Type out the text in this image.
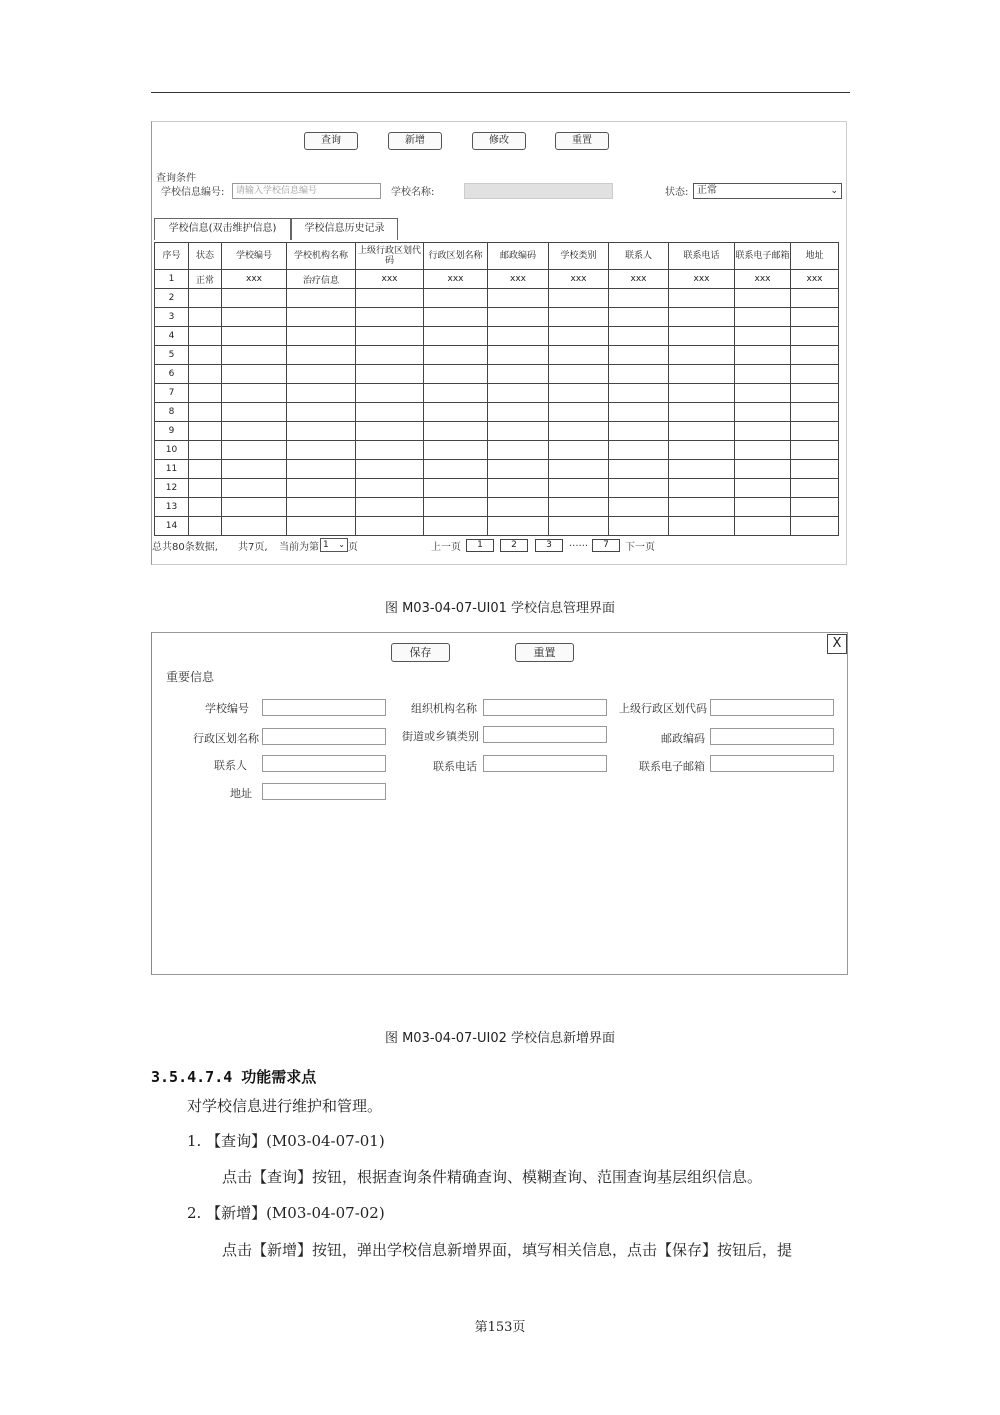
查询	新增	修改	重置
查询条件
学校信息编号:	请输入学校信息编号	学校名称:	状态: 正常	⌄
学校信息(双击维护信息)	学校信息历史记录
序号	状态	学校编号	学校机构名称	上级行政区划代码	行政区划名称	邮政编码	学校类别	联系人	联系电话	联系电子邮箱	地址
1	正常	xxx	治疗信息	xxx	xxx	xxx	xxx	xxx	xxx	xxx	xxx
2											
3											
4											
5											
6											
7											
8											
9											
10											
11											
12											
13											
14											
总共80条数据, 共7页, 当前为第 1 ⌄ 页	上一页	1	2	3	......	7	下一页
图 M03-04-07-UI01 学校信息管理界面
X
保存	重置
重要信息
学校编号	组织机构名称	上级行政区划代码
行政区划名称	街道或乡镇类别	邮政编码
联系人	联系电话	联系电子邮箱
地址
图 M03-04-07-UI02 学校信息新增界面
3.5.4.7.4 功能需求点
对学校信息进行维护和管理。
1. 【查询】(M03-04-07-01)
点击【查询】按钮，根据查询条件精确查询、模糊查询、范围查询基层组织信息。
2. 【新增】(M03-04-07-02)
点击【新增】按钮，弹出学校信息新增界面，填写相关信息，点击【保存】按钮后，提
第153页
